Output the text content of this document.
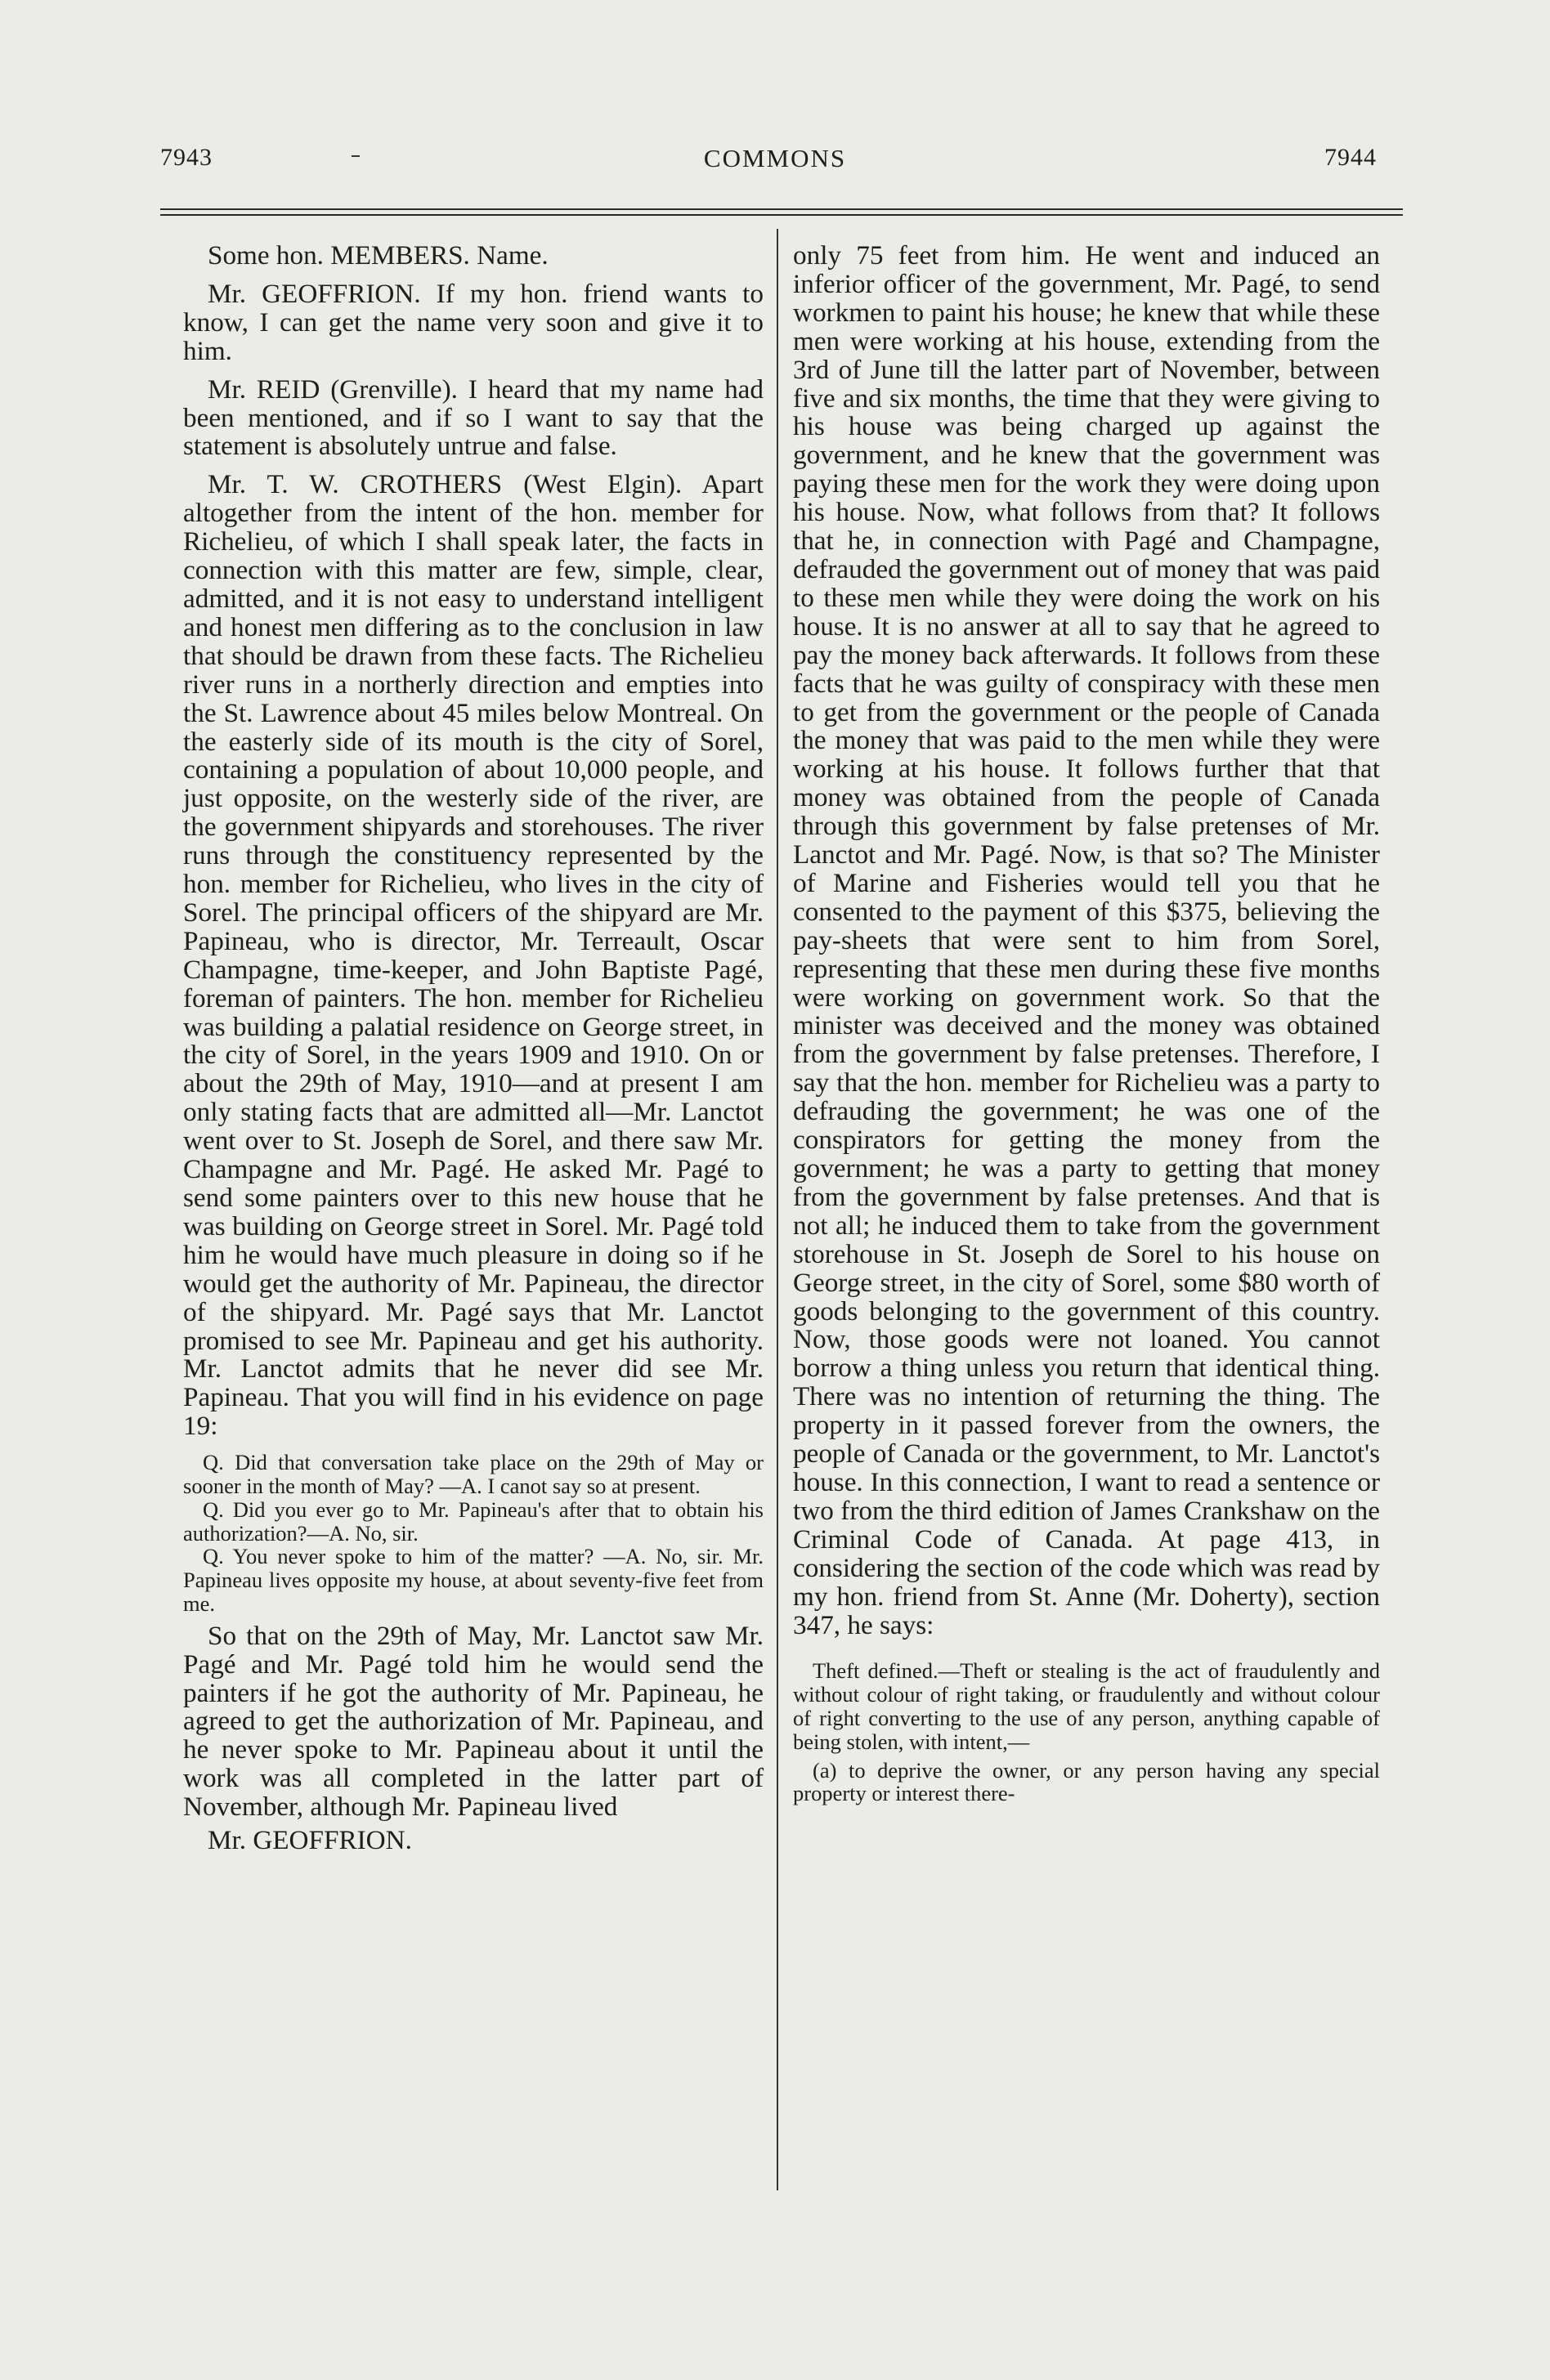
7943	COMMONS	7944

Some hon. MEMBERS. Name.

Mr. GEOFFRION. If my hon. friend wants to know, I can get the name very soon and give it to him.

Mr. REID (Grenville). I heard that my name had been mentioned, and if so I want to say that the statement is absolutely untrue and false.

Mr. T. W. CROTHERS (West Elgin). Apart altogether from the intent of the hon. member for Richelieu, of which I shall speak later, the facts in connection with this matter are few, simple, clear, admitted, and it is not easy to understand intelligent and honest men differing as to the conclusion in law that should be drawn from these facts. The Richelieu river runs in a northerly direction and empties into the St. Lawrence about 45 miles below Montreal. On the easterly side of its mouth is the city of Sorel, containing a population of about 10,000 people, and just opposite, on the westerly side of the river, are the government shipyards and storehouses. The river runs through the constituency represented by the hon. member for Richelieu, who lives in the city of Sorel. The principal officers of the shipyard are Mr. Papineau, who is director, Mr. Terreault, Oscar Champagne, time-keeper, and John Baptiste Pagé, foreman of painters. The hon. member for Richelieu was building a palatial residence on George street, in the city of Sorel, in the years 1909 and 1910. On or about the 29th of May, 1910—and at present I am only stating facts that are admitted all—Mr. Lanctot went over to St. Joseph de Sorel, and there saw Mr. Champagne and Mr. Pagé. He asked Mr. Pagé to send some painters over to this new house that he was building on George street in Sorel. Mr. Pagé told him he would have much pleasure in doing so if he would get the authority of Mr. Papineau, the director of the shipyard. Mr. Pagé says that Mr. Lanctot promised to see Mr. Papineau and get his authority. Mr. Lanctot admits that he never did see Mr. Papineau. That you will find in his evidence on page 19:

Q. Did that conversation take place on the 29th of May or sooner in the month of May? —A. I canot say so at present.

Q. Did you ever go to Mr. Papineau's after that to obtain his authorization?—A. No, sir.

Q. You never spoke to him of the matter? —A. No, sir. Mr. Papineau lives opposite my house, at about seventy-five feet from me.

So that on the 29th of May, Mr. Lanctot saw Mr. Pagé and Mr. Pagé told him he would send the painters if he got the authority of Mr. Papineau, he agreed to get the authorization of Mr. Papineau, and he never spoke to Mr. Papineau about it until the work was all completed in the latter part of November, although Mr. Papineau lived

Mr. GEOFFRION.

only 75 feet from him. He went and induced an inferior officer of the government, Mr. Pagé, to send workmen to paint his house; he knew that while these men were working at his house, extending from the 3rd of June till the latter part of November, between five and six months, the time that they were giving to his house was being charged up against the government, and he knew that the government was paying these men for the work they were doing upon his house. Now, what follows from that? It follows that he, in connection with Pagé and Champagne, defrauded the government out of money that was paid to these men while they were doing the work on his house. It is no answer at all to say that he agreed to pay the money back afterwards. It follows from these facts that he was guilty of conspiracy with these men to get from the government or the people of Canada the money that was paid to the men while they were working at his house. It follows further that that money was obtained from the people of Canada through this government by false pretenses of Mr. Lanctot and Mr. Pagé. Now, is that so? The Minister of Marine and Fisheries would tell you that he consented to the payment of this $375, believing the pay-sheets that were sent to him from Sorel, representing that these men during these five months were working on government work. So that the minister was deceived and the money was obtained from the government by false pretenses. Therefore, I say that the hon. member for Richelieu was a party to defrauding the government; he was one of the conspirators for getting the money from the government; he was a party to getting that money from the government by false pretenses. And that is not all; he induced them to take from the government storehouse in St. Joseph de Sorel to his house on George street, in the city of Sorel, some $80 worth of goods belonging to the government of this country. Now, those goods were not loaned. You cannot borrow a thing unless you return that identical thing. There was no intention of returning the thing. The property in it passed forever from the owners, the people of Canada or the government, to Mr. Lanctot's house. In this connection, I want to read a sentence or two from the third edition of James Crankshaw on the Criminal Code of Canada. At page 413, in considering the section of the code which was read by my hon. friend from St. Anne (Mr. Doherty), section 347, he says:

Theft defined.—Theft or stealing is the act of fraudulently and without colour of right taking, or fraudulently and without colour of right converting to the use of any person, anything capable of being stolen, with intent,—

(a) to deprive the owner, or any person having any special property or interest there-
